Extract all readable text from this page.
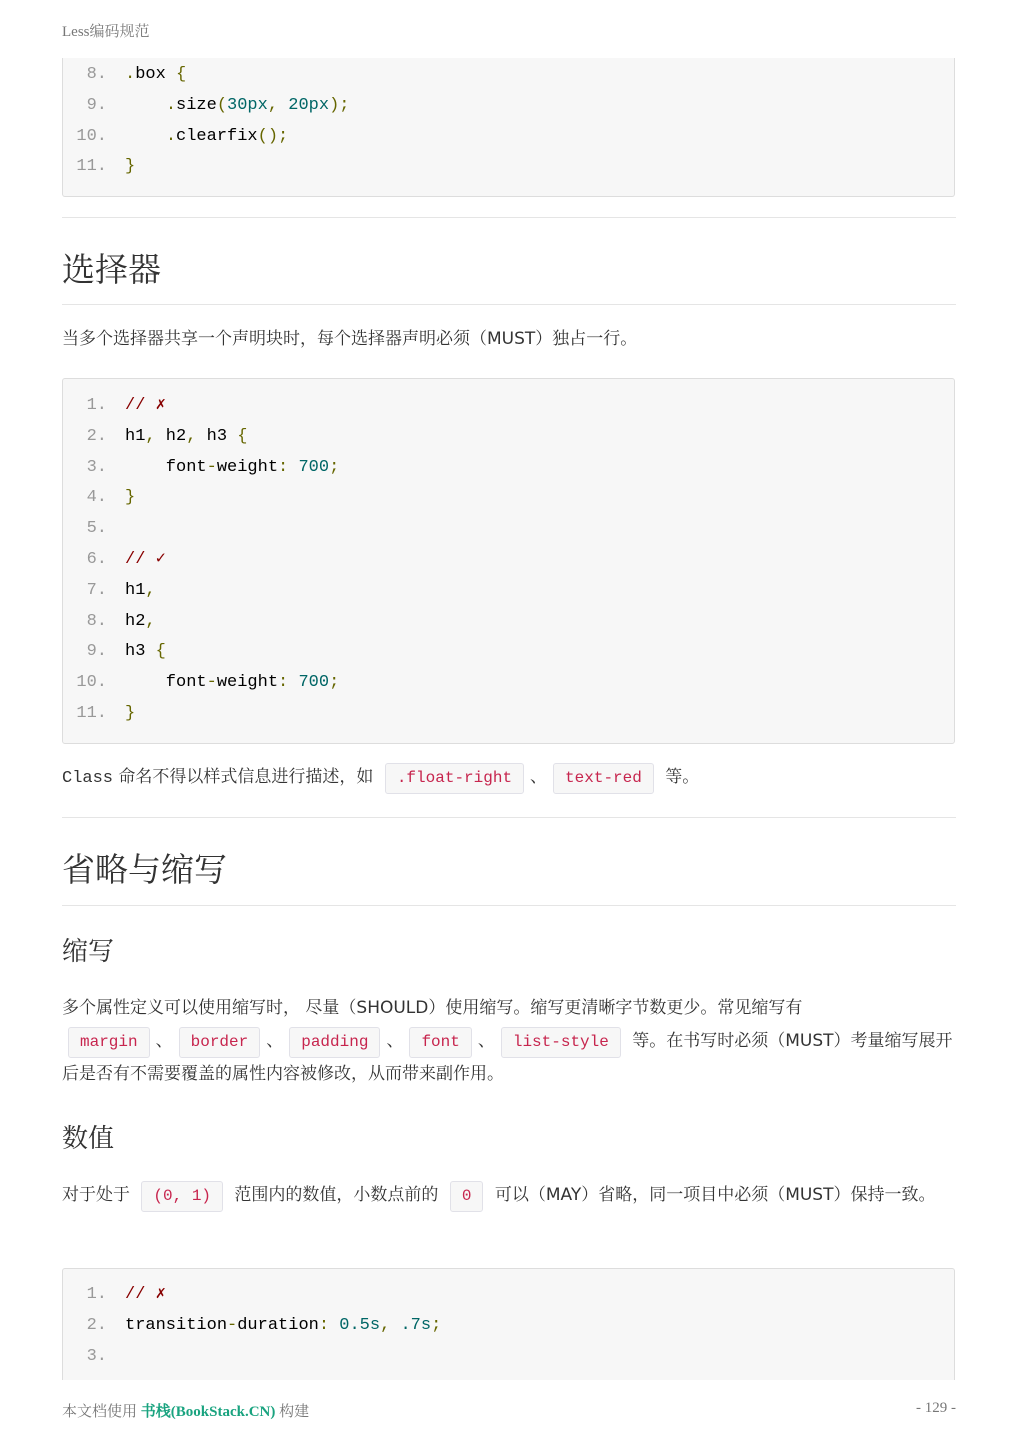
Less编码规范
8. .box {
9.	.size(30px, 20px);
10.	.clearfix();
11. }
选择器

当多个选择器共享一个声明块时，每个选择器声明必须（MUST）独占一行。

1. // ✗
2. h1, h2, h3 {
3. font-weight: 700;
4. }
5.
6. // ✓
7. h1,
8. h2,
9. h3 {
10. font-weight: 700;
11. }

Class 命名不得以样式信息进行描述，如 .float-right 、 text-red 等。

省略与缩写
缩写

多个属性定义可以使用缩写时， 尽量（SHOULD）使用缩写。缩写更清晰字节数更少。常见缩写有
margin 、 border 、 padding 、 font 、 list-style 等。在书写时必须（MUST）考量缩写展开后是否有不需要覆盖的属性内容被修改，从而带来副作用。

数值

对于处于 (0, 1) 范围内的数值，小数点前的 0 可以（MAY）省略，同一项目中必须（MUST）保持一致。

1. // ✗
2. transition-duration: 0.5s, .7s;
3.
本文档使用 书栈(BookStack.CN) 构建	- 129 -
